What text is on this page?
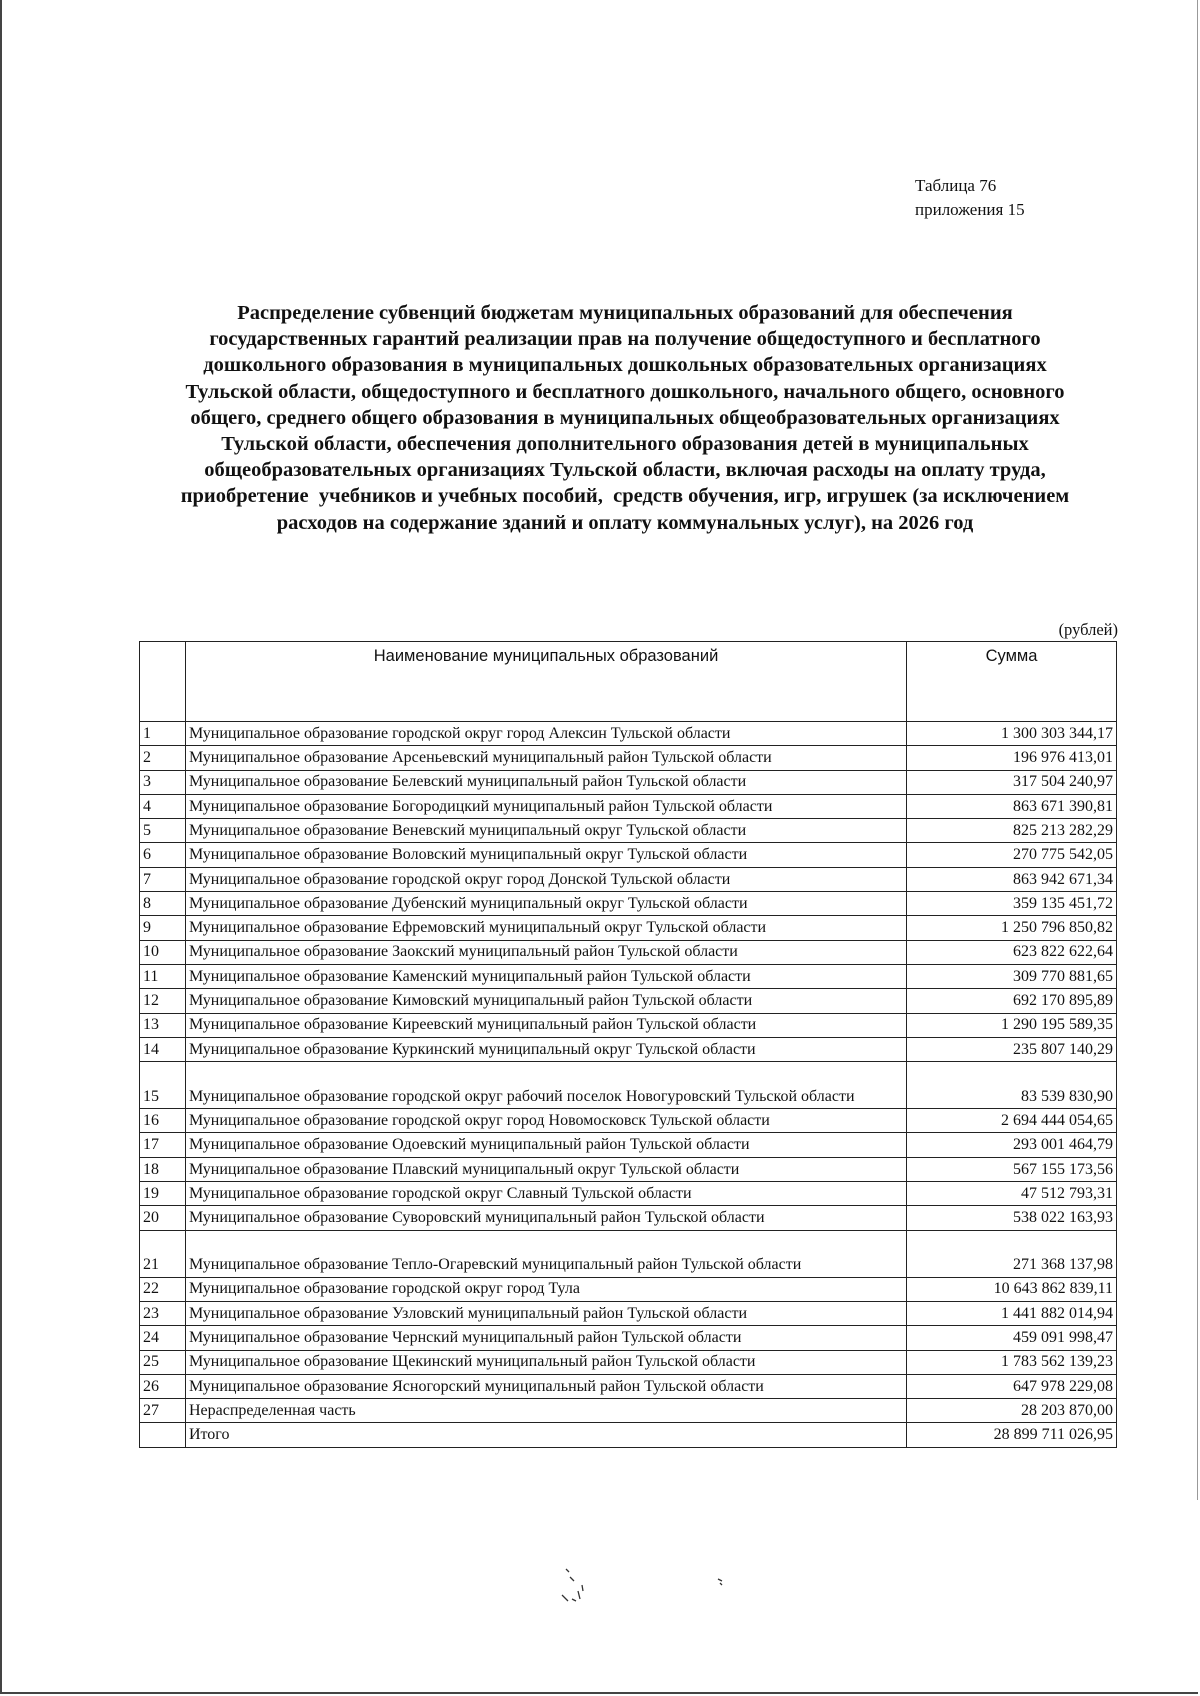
Таблица 76
приложения 15
Распределение субвенций бюджетам муниципальных образований для обеспечения
государственных гарантий реализации прав на получение общедоступного и бесплатного
дошкольного образования в муниципальных дошкольных образовательных организациях
Тульской области, общедоступного и бесплатного дошкольного, начального общего, основного
общего, среднего общего образования в муниципальных общеобразовательных организациях
Тульской области, обеспечения дополнительного образования детей в муниципальных
общеобразовательных организациях Тульской области, включая расходы на оплату труда,
приобретение  учебников и учебных пособий,  средств обучения, игр, игрушек (за исключением
расходов на содержание зданий и оплату коммунальных услуг), на 2026 год
(рублей)
	Наименование муниципальных образований	Сумма
1	Муниципальное образование городской округ город Алексин Тульской области	1 300 303 344,17
2	Муниципальное образование Арсеньевский муниципальный район Тульской области	196 976 413,01
3	Муниципальное образование Белевский муниципальный район Тульской области	317 504 240,97
4	Муниципальное образование Богородицкий муниципальный район Тульской области	863 671 390,81
5	Муниципальное образование Веневский муниципальный округ Тульской области	825 213 282,29
6	Муниципальное образование Воловский муниципальный округ Тульской области	270 775 542,05
7	Муниципальное образование городской округ город Донской Тульской области	863 942 671,34
8	Муниципальное образование Дубенский муниципальный округ Тульской области	359 135 451,72
9	Муниципальное образование Ефремовский муниципальный округ Тульской области	1 250 796 850,82
10	Муниципальное образование Заокский муниципальный район Тульской области	623 822 622,64
11	Муниципальное образование Каменский муниципальный район Тульской области	309 770 881,65
12	Муниципальное образование Кимовский муниципальный район Тульской области	692 170 895,89
13	Муниципальное образование Киреевский муниципальный район Тульской области	1 290 195 589,35
14	Муниципальное образование Куркинский муниципальный округ Тульской области	235 807 140,29
15	Муниципальное образование городской округ рабочий поселок Новогуровский Тульской области	83 539 830,90
16	Муниципальное образование городской округ город Новомосковск Тульской области	2 694 444 054,65
17	Муниципальное образование Одоевский муниципальный район Тульской области	293 001 464,79
18	Муниципальное образование Плавский муниципальный округ Тульской области	567 155 173,56
19	Муниципальное образование городской округ Славный Тульской области	47 512 793,31
20	Муниципальное образование Суворовский муниципальный район Тульской области	538 022 163,93
21	Муниципальное образование Тепло-Огаревский муниципальный район Тульской области	271 368 137,98
22	Муниципальное образование городской округ город Тула	10 643 862 839,11
23	Муниципальное образование Узловский муниципальный район Тульской области	1 441 882 014,94
24	Муниципальное образование Чернский муниципальный район Тульской области	459 091 998,47
25	Муниципальное образование Щекинский муниципальный район Тульской области	1 783 562 139,23
26	Муниципальное образование Ясногорский муниципальный район Тульской области	647 978 229,08
27	Нераспределенная часть	28 203 870,00
	Итого	28 899 711 026,95
